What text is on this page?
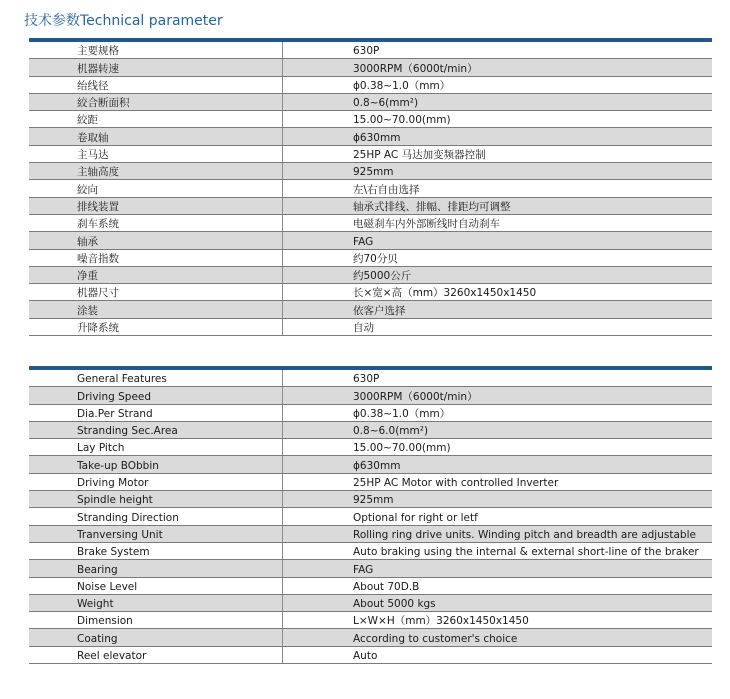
技术参数Technical parameter
主要规格	630P
机器转速	3000RPM（6000t/min）
绐线径	ϕ0.38~1.0（mm）
絞合断面积	0.8~6(mm²)
絞距	15.00~70.00(mm)
卷取轴	ϕ630mm
主马达	25HP AC 马达加变频器控制
主轴高度	925mm
絞向	左\右自由选择
排线装置	轴承式排线、排幅、排距均可调整
刹车系统	电磁刹车内外部断线时自动刹车
轴承	FAG
噪音指数	约70分贝
净重	约5000公斤
机器尺寸	长×宽×高（mm）3260x1450x1450
涂装	依客户选择
升降系统	自动
General Features	630P
Driving Speed	3000RPM（6000t/min）
Dia.Per Strand	ϕ0.38~1.0（mm）
Stranding Sec.Area	0.8~6.0(mm²)
Lay Pitch	15.00~70.00(mm)
Take-up BObbin	ϕ630mm
Driving Motor	25HP AC Motor with controlled Inverter
Spindle height	925mm
Stranding Direction	Optional for right or letf
Tranversing Unit	Rolling ring drive units. Winding pitch and breadth are adjustable
Brake System	Auto braking using the internal & external short-line of the braker
Bearing	FAG
Noise Level	About 70D.B
Weight	About 5000 kgs
Dimension	L×W×H（mm）3260x1450x1450
Coating	According to customer's choice
Reel elevator	Auto
